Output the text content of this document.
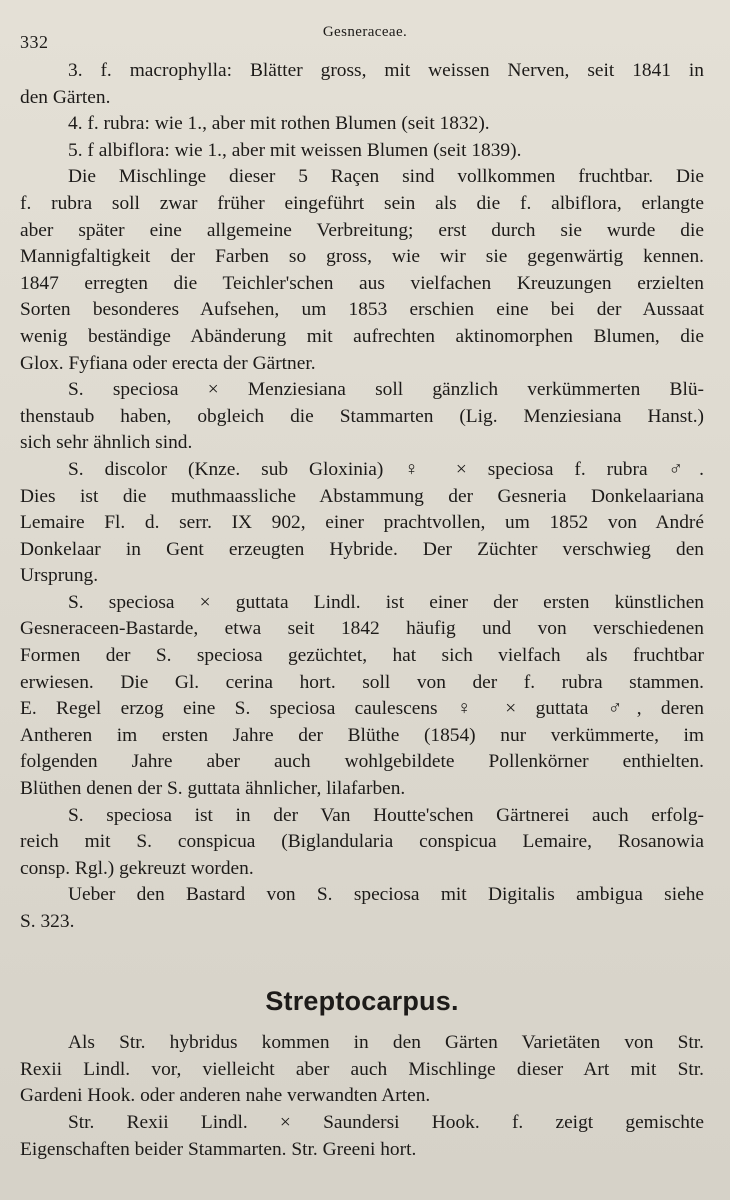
332	Gesneraceae.

3. f. macrophylla: Blätter gross, mit weissen Nerven, seit 1841 in
den Gärten.

4. f. rubra: wie 1., aber mit rothen Blumen (seit 1832).

5. f albiflora: wie 1., aber mit weissen Blumen (seit 1839).

Die Mischlinge dieser 5 Raçen sind vollkommen fruchtbar. Die
f. rubra soll zwar früher eingeführt sein als die f. albiflora, erlangte
aber später eine allgemeine Verbreitung; erst durch sie wurde die
Mannigfaltigkeit der Farben so gross, wie wir sie gegenwärtig kennen.
1847 erregten die Teichler'schen aus vielfachen Kreuzungen erzielten
Sorten besonderes Aufsehen, um 1853 erschien eine bei der Aussaat
wenig beständige Abänderung mit aufrechten aktinomorphen Blumen, die
Glox. Fyfiana oder erecta der Gärtner.

S. speciosa × Menziesiana soll gänzlich verkümmerten Blü-
thenstaub haben, obgleich die Stammarten (Lig. Menziesiana Hanst.)
sich sehr ähnlich sind.

S. discolor (Knze. sub Gloxinia) ♀ × speciosa f. rubra ♂.
Dies ist die muthmaassliche Abstammung der Gesneria Donkelaariana
Lemaire Fl. d. serr. IX 902, einer prachtvollen, um 1852 von André
Donkelaar in Gent erzeugten Hybride. Der Züchter verschwieg den
Ursprung.

S. speciosa × guttata Lindl. ist einer der ersten künstlichen
Gesneraceen-Bastarde, etwa seit 1842 häufig und von verschiedenen
Formen der S. speciosa gezüchtet, hat sich vielfach als fruchtbar
erwiesen. Die Gl. cerina hort. soll von der f. rubra stammen.
E. Regel erzog eine S. speciosa caulescens ♀ × guttata ♂, deren
Antheren im ersten Jahre der Blüthe (1854) nur verkümmerte, im
folgenden Jahre aber auch wohlgebildete Pollenkörner enthielten.
Blüthen denen der S. guttata ähnlicher, lilafarben.

S. speciosa ist in der Van Houtte'schen Gärtnerei auch erfolg-
reich mit S. conspicua (Biglandularia conspicua Lemaire, Rosanowia
consp. Rgl.) gekreuzt worden.

Ueber den Bastard von S. speciosa mit Digitalis ambigua siehe
S. 323.

Streptocarpus.

Als Str. hybridus kommen in den Gärten Varietäten von Str.
Rexii Lindl. vor, vielleicht aber auch Mischlinge dieser Art mit Str.
Gardeni Hook. oder anderen nahe verwandten Arten.

Str. Rexii Lindl. × Saundersi Hook. f. zeigt gemischte
Eigenschaften beider Stammarten. Str. Greeni hort.
